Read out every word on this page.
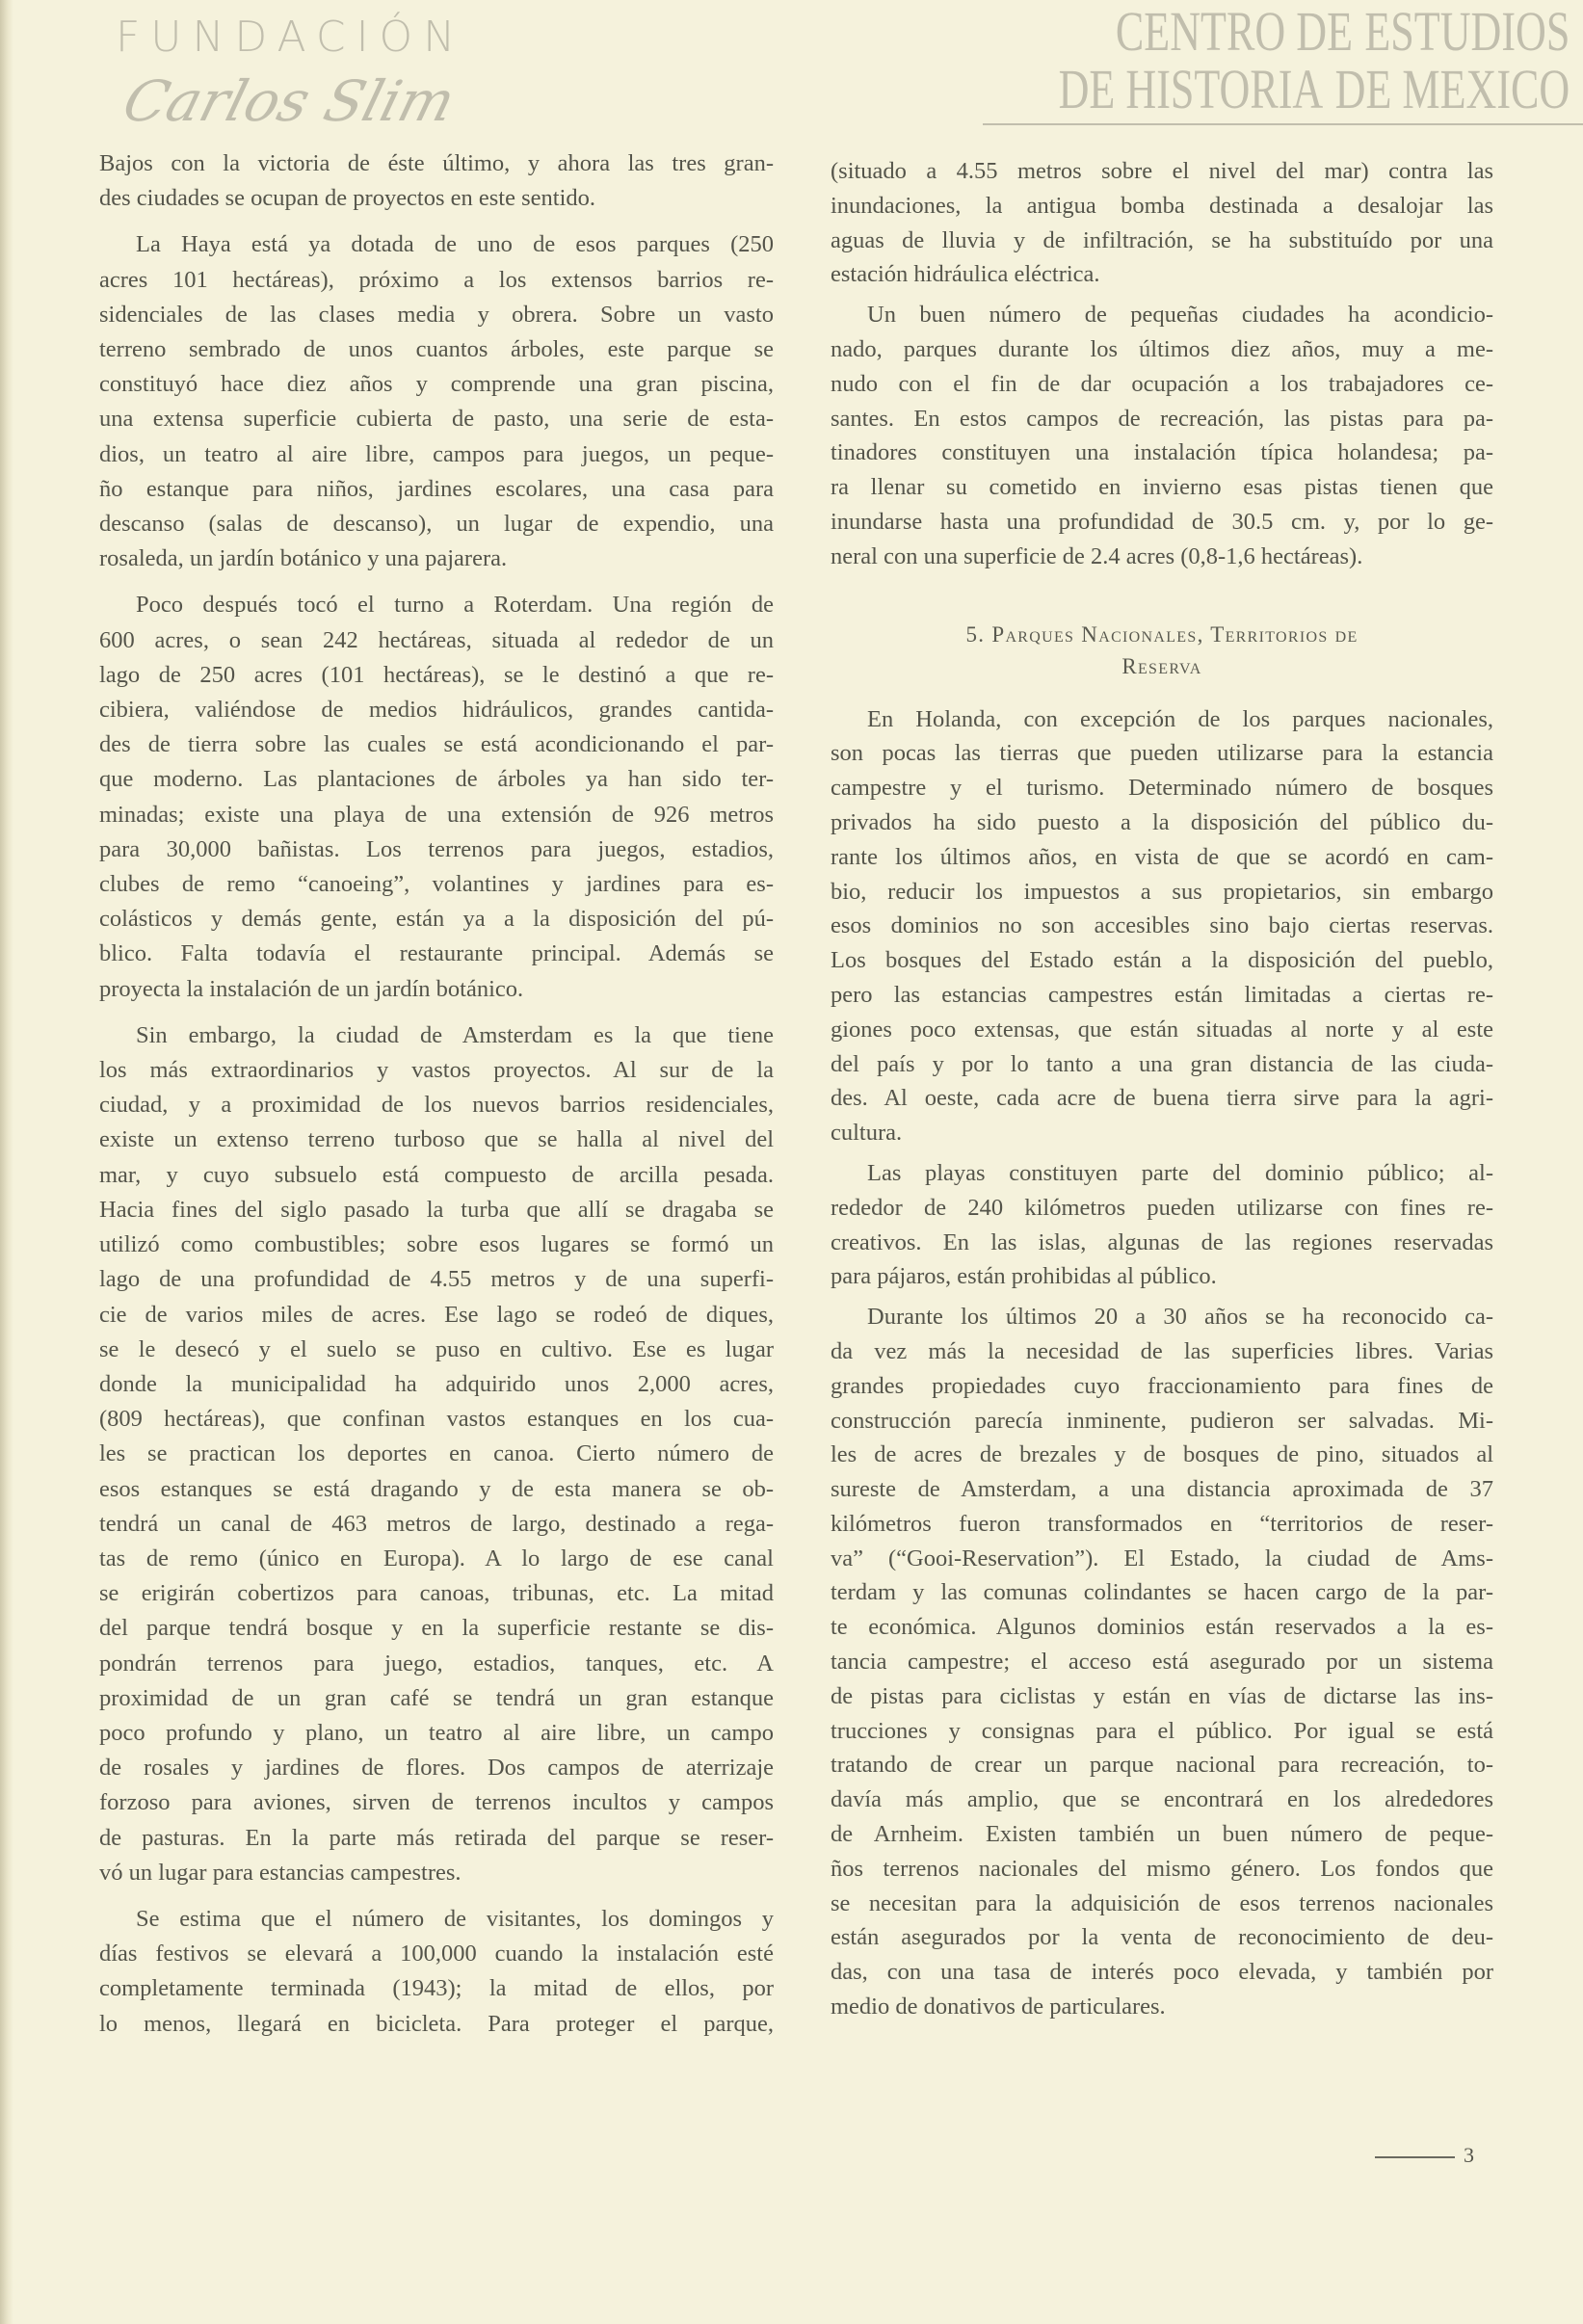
Bajos con la victoria de éste último, y ahora las tres gran-
des ciudades se ocupan de proyectos en este sentido.
La Haya está ya dotada de uno de esos parques (250
acres 101 hectáreas), próximo a los extensos barrios re-
sidenciales de las clases media y obrera. Sobre un vasto
terreno sembrado de unos cuantos árboles, este parque se
constituyó hace diez años y comprende una gran piscina,
una extensa superficie cubierta de pasto, una serie de esta-
dios, un teatro al aire libre, campos para juegos, un peque-
ño estanque para niños, jardines escolares, una casa para
descanso (salas de descanso), un lugar de expendio, una
rosaleda, un jardín botánico y una pajarera.
Poco después tocó el turno a Roterdam. Una región de
600 acres, o sean 242 hectáreas, situada al rededor de un
lago de 250 acres (101 hectáreas), se le destinó a que re-
cibiera, valiéndose de medios hidráulicos, grandes cantida-
des de tierra sobre las cuales se está acondicionando el par-
que moderno. Las plantaciones de árboles ya han sido ter-
minadas; existe una playa de una extensión de 926 metros
para 30,000 bañistas. Los terrenos para juegos, estadios,
clubes de remo “canoeing”, volantines y jardines para es-
colásticos y demás gente, están ya a la disposición del pú-
blico. Falta todavía el restaurante principal. Además se
proyecta la instalación de un jardín botánico.
Sin embargo, la ciudad de Amsterdam es la que tiene
los más extraordinarios y vastos proyectos. Al sur de la
ciudad, y a proximidad de los nuevos barrios residenciales,
existe un extenso terreno turboso que se halla al nivel del
mar, y cuyo subsuelo está compuesto de arcilla pesada.
Hacia fines del siglo pasado la turba que allí se dragaba se
utilizó como combustibles; sobre esos lugares se formó un
lago de una profundidad de 4.55 metros y de una superfi-
cie de varios miles de acres. Ese lago se rodeó de diques,
se le desecó y el suelo se puso en cultivo. Ese es lugar
donde la municipalidad ha adquirido unos 2,000 acres,
(809 hectáreas), que confinan vastos estanques en los cua-
les se practican los deportes en canoa. Cierto número de
esos estanques se está dragando y de esta manera se ob-
tendrá un canal de 463 metros de largo, destinado a rega-
tas de remo (único en Europa). A lo largo de ese canal
se erigirán cobertizos para canoas, tribunas, etc. La mitad
del parque tendrá bosque y en la superficie restante se dis-
pondrán terrenos para juego, estadios, tanques, etc. A
proximidad de un gran café se tendrá un gran estanque
poco profundo y plano, un teatro al aire libre, un campo
de rosales y jardines de flores. Dos campos de aterrizaje
forzoso para aviones, sirven de terrenos incultos y campos
de pasturas. En la parte más retirada del parque se reser-
vó un lugar para estancias campestres.
Se estima que el número de visitantes, los domingos y
días festivos se elevará a 100,000 cuando la instalación esté
completamente terminada (1943); la mitad de ellos, por
lo menos, llegará en bicicleta. Para proteger el parque,
(situado a 4.55 metros sobre el nivel del mar) contra las
inundaciones, la antigua bomba destinada a desalojar las
aguas de lluvia y de infiltración, se ha substituído por una
estación hidráulica eléctrica.
Un buen número de pequeñas ciudades ha acondicio-
nado, parques durante los últimos diez años, muy a me-
nudo con el fin de dar ocupación a los trabajadores ce-
santes. En estos campos de recreación, las pistas para pa-
tinadores constituyen una instalación típica holandesa; pa-
ra llenar su cometido en invierno esas pistas tienen que
inundarse hasta una profundidad de 30.5 cm. y, por lo ge-
neral con una superficie de 2.4 acres (0,8-1,6 hectáreas).
5. Parques Nacionales, Territorios de
Reserva
En Holanda, con excepción de los parques nacionales,
son pocas las tierras que pueden utilizarse para la estancia
campestre y el turismo. Determinado número de bosques
privados ha sido puesto a la disposición del público du-
rante los últimos años, en vista de que se acordó en cam-
bio, reducir los impuestos a sus propietarios, sin embargo
esos dominios no son accesibles sino bajo ciertas reservas.
Los bosques del Estado están a la disposición del pueblo,
pero las estancias campestres están limitadas a ciertas re-
giones poco extensas, que están situadas al norte y al este
del país y por lo tanto a una gran distancia de las ciuda-
des. Al oeste, cada acre de buena tierra sirve para la agri-
cultura.
Las playas constituyen parte del dominio público; al-
rededor de 240 kilómetros pueden utilizarse con fines re-
creativos. En las islas, algunas de las regiones reservadas
para pájaros, están prohibidas al público.
Durante los últimos 20 a 30 años se ha reconocido ca-
da vez más la necesidad de las superficies libres. Varias
grandes propiedades cuyo fraccionamiento para fines de
construcción parecía inminente, pudieron ser salvadas. Mi-
les de acres de brezales y de bosques de pino, situados al
sureste de Amsterdam, a una distancia aproximada de 37
kilómetros fueron transformados en “territorios de reser-
va” (“Gooi-Reservation”). El Estado, la ciudad de Ams-
terdam y las comunas colindantes se hacen cargo de la par-
te económica. Algunos dominios están reservados a la es-
tancia campestre; el acceso está asegurado por un sistema
de pistas para ciclistas y están en vías de dictarse las ins-
trucciones y consignas para el público. Por igual se está
tratando de crear un parque nacional para recreación, to-
davía más amplio, que se encontrará en los alrededores
de Arnheim. Existen también un buen número de peque-
ños terrenos nacionales del mismo género. Los fondos que
se necesitan para la adquisición de esos terrenos nacionales
están asegurados por la venta de reconocimiento de deu-
das, con una tasa de interés poco elevada, y también por
medio de donativos de particulares.
CENTRO DE ESTUDIOS
DE HISTORIA DE MEXICO
FUNDACIÓN
Carlos Slim
3
